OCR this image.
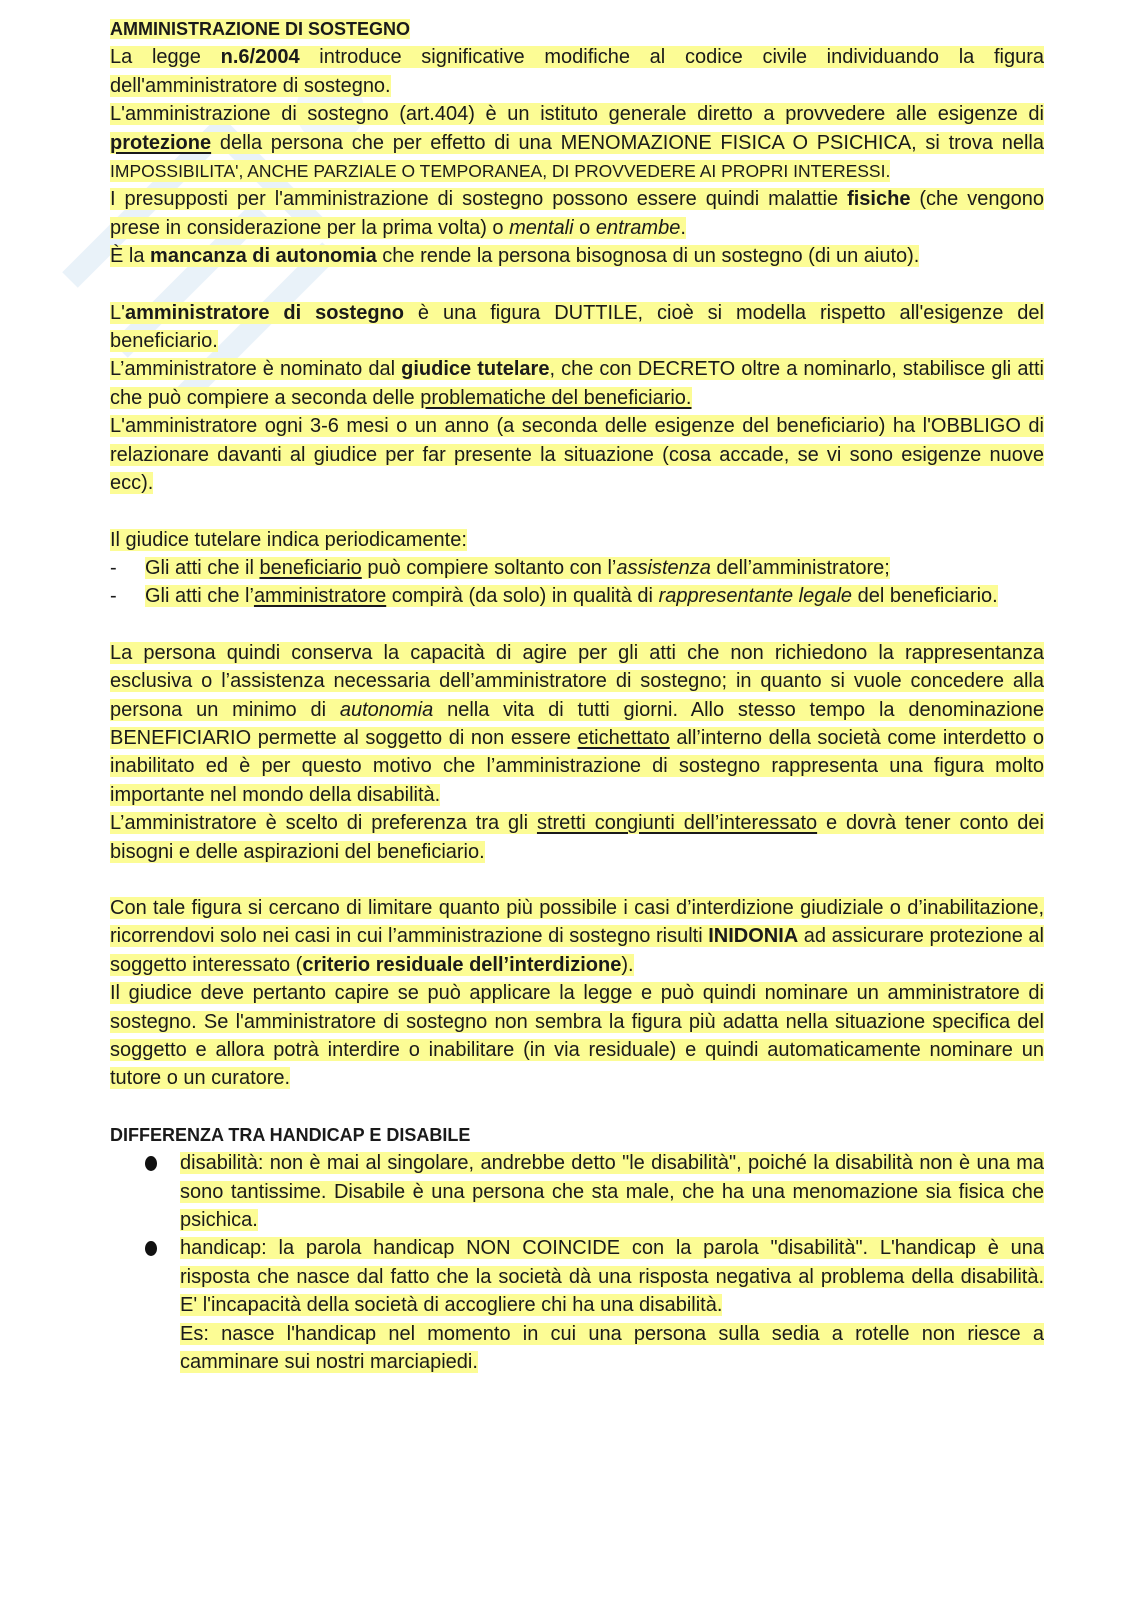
AMMINISTRAZIONE DI SOSTEGNO

La legge n.6/2004 introduce significative modifiche al codice civile individuando la figura dell'amministratore di sostegno.

L'amministrazione di sostegno (art.404) è un istituto generale diretto a provvedere alle esigenze di protezione della persona che per effetto di una MENOMAZIONE FISICA O PSICHICA, si trova nella IMPOSSIBILITA', ANCHE PARZIALE O TEMPORANEA, DI PROVVEDERE AI PROPRI INTERESSI.

I presupposti per l'amministrazione di sostegno possono essere quindi malattie fisiche (che vengono prese in considerazione per la prima volta) o mentali o entrambe.

È la mancanza di autonomia che rende la persona bisognosa di un sostegno (di un aiuto).

L'amministratore di sostegno è una figura DUTTILE, cioè si modella rispetto all'esigenze del beneficiario.

L’amministratore è nominato dal giudice tutelare, che con DECRETO oltre a nominarlo, stabilisce gli atti che può compiere a seconda delle problematiche del beneficiario.

L'amministratore ogni 3-6 mesi o un anno (a seconda delle esigenze del beneficiario) ha l'OBBLIGO di relazionare davanti al giudice per far presente la situazione (cosa accade, se vi sono esigenze nuove ecc).

Il giudice tutelare indica periodicamente:

- Gli atti che il beneficiario può compiere soltanto con l’assistenza dell’amministratore;

- Gli atti che l’amministratore compirà (da solo) in qualità di rappresentante legale del beneficiario.

La persona quindi conserva la capacità di agire per gli atti che non richiedono la rappresentanza esclusiva o l’assistenza necessaria dell’amministratore di sostegno; in quanto si vuole concedere alla persona un minimo di autonomia nella vita di tutti giorni. Allo stesso tempo la denominazione BENEFICIARIO permette al soggetto di non essere etichettato all’interno della società come interdetto o inabilitato ed è per questo motivo che l’amministrazione di sostegno rappresenta una figura molto importante nel mondo della disabilità.

L’amministratore è scelto di preferenza tra gli stretti congiunti dell’interessato e dovrà tener conto dei bisogni e delle aspirazioni del beneficiario.

Con tale figura si cercano di limitare quanto più possibile i casi d’interdizione giudiziale o d’inabilitazione, ricorrendovi solo nei casi in cui l’amministrazione di sostegno risulti INIDONIA ad assicurare protezione al soggetto interessato (criterio residuale dell’interdizione).

Il giudice deve pertanto capire se può applicare la legge e può quindi nominare un amministratore di sostegno. Se l'amministratore di sostegno non sembra la figura più adatta nella situazione specifica del soggetto e allora potrà interdire o inabilitare (in via residuale) e quindi automaticamente nominare un tutore o un curatore.

DIFFERENZA TRA HANDICAP E DISABILE

disabilità: non è mai al singolare, andrebbe detto "le disabilità", poiché la disabilità non è una ma sono tantissime. Disabile è una persona che sta male, che ha una menomazione sia fisica che psichica.

handicap: la parola handicap NON COINCIDE con la parola "disabilità". L'handicap è una risposta che nasce dal fatto che la società dà una risposta negativa al problema della disabilità. E' l'incapacità della società di accogliere chi ha una disabilità.
Es: nasce l'handicap nel momento in cui una persona sulla sedia a rotelle non riesce a camminare sui nostri marciapiedi.
